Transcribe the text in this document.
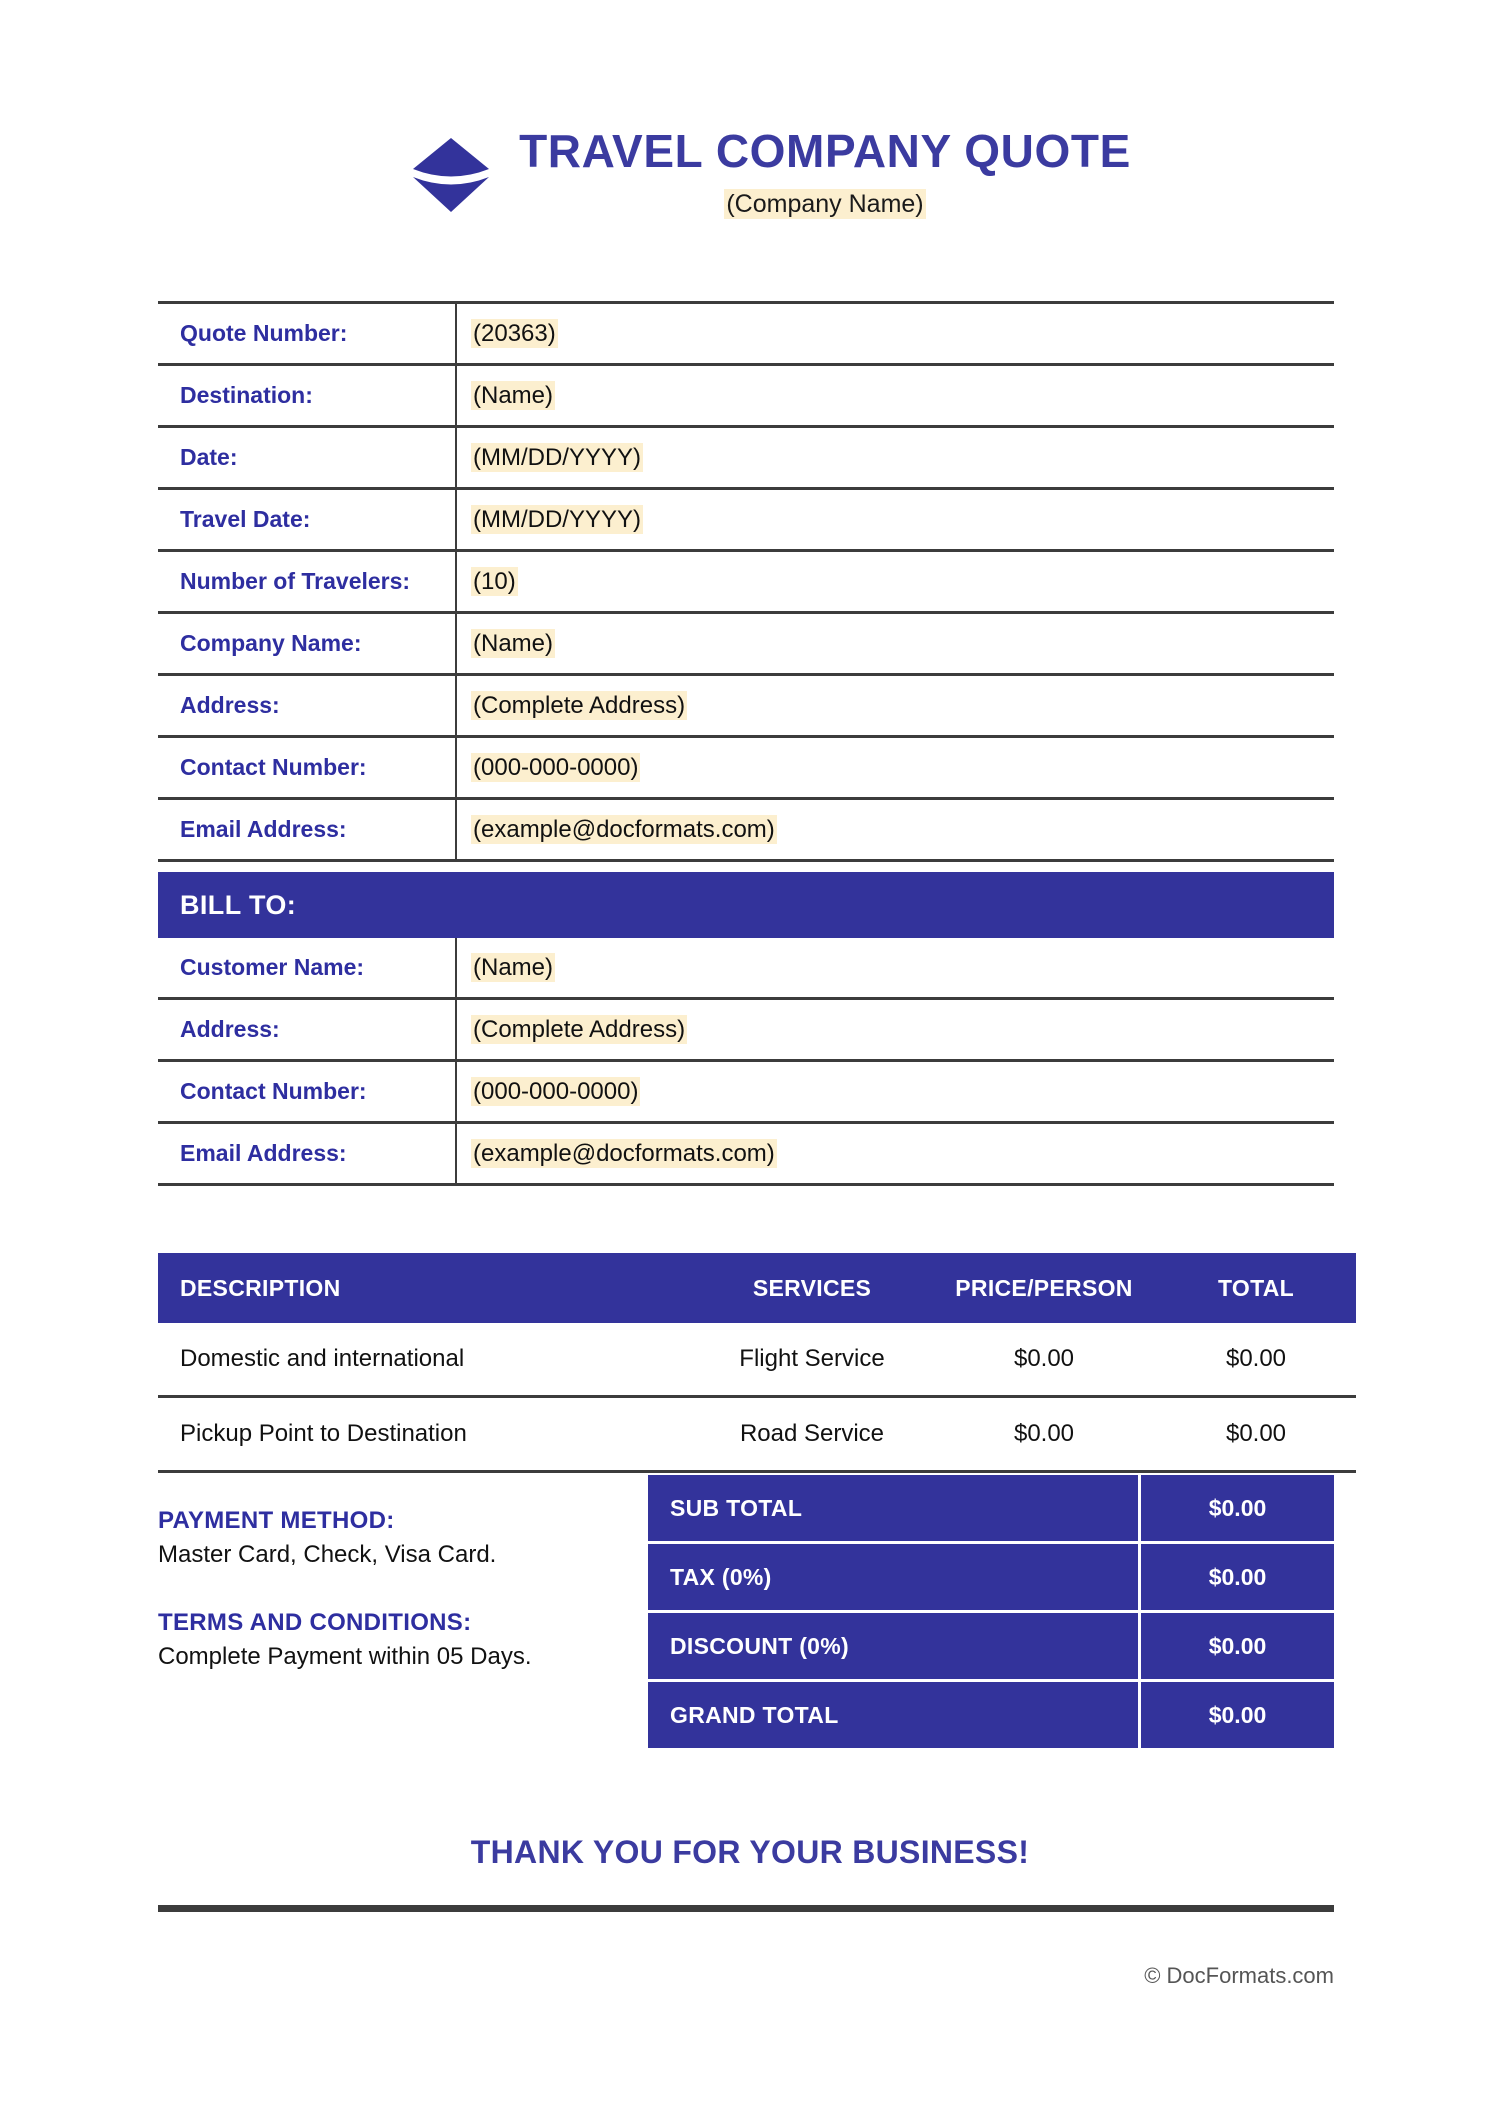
TRAVEL COMPANY QUOTE
(Company Name)
Quote Number:	(20363)
Destination:	(Name)
Date:	(MM/DD/YYYY)
Travel Date:	(MM/DD/YYYY)
Number of Travelers:	(10)
Company Name:	(Name)
Address:	(Complete Address)
Contact Number:	(000-000-0000)
Email Address:	(example@docformats.com)
BILL TO:
Customer Name:	(Name)
Address:	(Complete Address)
Contact Number:	(000-000-0000)
Email Address:	(example@docformats.com)
DESCRIPTION	SERVICES	PRICE/PERSON	TOTAL
Domestic and international	Flight Service	$0.00	$0.00
Pickup Point to Destination	Road Service	$0.00	$0.00
PAYMENT METHOD:
Master Card, Check, Visa Card.
TERMS AND CONDITIONS:
Complete Payment within 05 Days.
SUB TOTAL	$0.00
TAX (0%)	$0.00
DISCOUNT (0%)	$0.00
GRAND TOTAL	$0.00
THANK YOU FOR YOUR BUSINESS!
© DocFormats.com
